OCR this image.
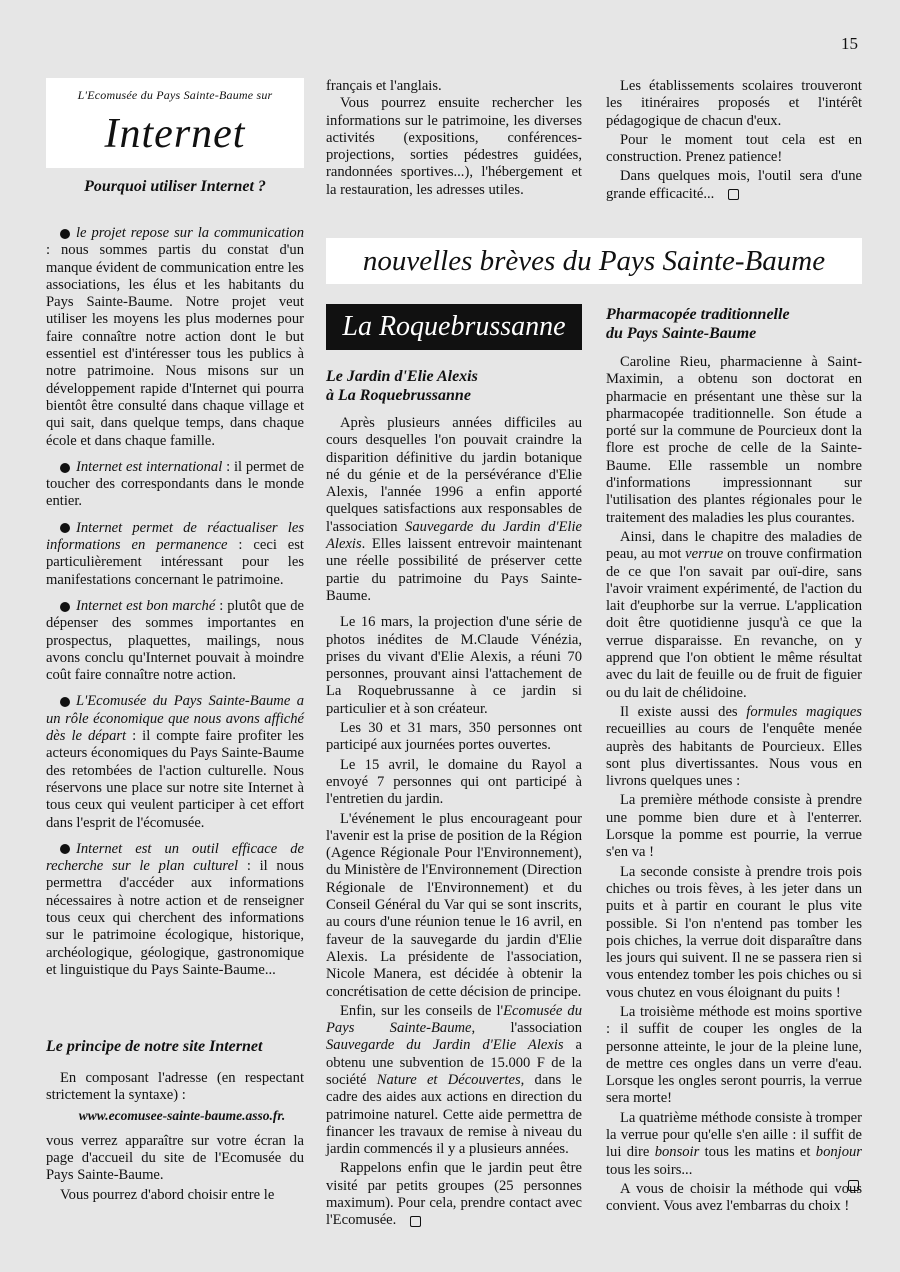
15
L'Ecomusée du Pays Sainte-Baume sur
Internet
Pourquoi utiliser Internet ?

le projet repose sur la communication : nous sommes partis du constat d'un manque évident de communication entre les associations, les élus et les habitants du Pays Sainte-Baume. Notre projet veut utiliser les moyens les plus modernes pour faire connaître notre action dont le but essentiel est d'intéresser tous les publics à notre patrimoine. Nous misons sur un développement rapide d'Internet qui pourra bientôt être consulté dans chaque village et qui sait, dans quelque temps, dans chaque école et dans chaque famille.

Internet est international : il permet de toucher des correspondants dans le monde entier.

Internet permet de réactualiser les informations en permanence : ceci est particulièrement intéressant pour les manifestations concernant le patrimoine.

Internet est bon marché : plutôt que de dépenser des sommes importantes en prospectus, plaquettes, mailings, nous avons conclu qu'Internet pouvait à moindre coût faire connaître notre action.

L'Ecomusée du Pays Sainte-Baume a un rôle économique que nous avons affiché dès le départ : il compte faire profiter les acteurs économiques du Pays Sainte-Baume des retombées de l'action culturelle. Nous réservons une place sur notre site Internet à tous ceux qui veulent participer à cet effort dans l'esprit de l'écomusée.

Internet est un outil efficace de recherche sur le plan culturel : il nous permettra d'accéder aux informations nécessaires à notre action et de renseigner tous ceux qui cherchent des informations sur le patrimoine écologique, historique, archéologique, géologique, gastronomique et linguistique du Pays Sainte-Baume...

Le principe de notre site Internet

En composant l'adresse (en respectant strictement la syntaxe) :

www.ecomusee-sainte-baume.asso.fr.

vous verrez apparaître sur votre écran la page d'accueil du site de l'Ecomusée du Pays Sainte-Baume.

Vous pourrez d'abord choisir entre le

français et l'anglais.

Vous pourrez ensuite rechercher les informations sur le patrimoine, les diverses activités (expositions, conférences-projections, sorties pédestres guidées, randonnées sportives...), l'hébergement et la restauration, les adresses utiles.

Les établissements scolaires trouveront les itinéraires proposés et l'intérêt pédagogique de chacun d'eux.

Pour le moment tout cela est en construction. Prenez patience!

Dans quelques mois, l'outil sera d'une grande efficacité...

nouvelles brèves du Pays Sainte-Baume
La Roquebrussanne

Le Jardin d'Elie Alexis

à La Roquebrussanne

Après plusieurs années difficiles au cours desquelles l'on pouvait craindre la disparition définitive du jardin botanique né du génie et de la persévérance d'Elie Alexis, l'année 1996 a enfin apporté quelques satisfactions aux responsables de l'association Sauvegarde du Jardin d'Elie Alexis. Elles laissent entrevoir maintenant une réelle possibilité de préserver cette partie du patrimoine du Pays Sainte-Baume.

Le 16 mars, la projection d'une série de photos inédites de M.Claude Vénézia, prises du vivant d'Elie Alexis, a réuni 70 personnes, prouvant ainsi l'attachement de La Roquebrussanne à ce jardin si particulier et à son créateur.

Les 30 et 31 mars, 350 personnes ont participé aux journées portes ouvertes.

Le 15 avril, le domaine du Rayol a envoyé 7 personnes qui ont participé à l'entretien du jardin.

L'événement le plus encourageant pour l'avenir est la prise de position de la Région (Agence Régionale Pour l'Environnement), du Ministère de l'Environnement (Direction Régionale de l'Environnement) et du Conseil Général du Var qui se sont inscrits, au cours d'une réunion tenue le 16 avril, en faveur de la sauvegarde du jardin d'Elie Alexis. La présidente de l'association, Nicole Manera, est décidée à obtenir la concrétisation de cette décision de principe.

Enfin, sur les conseils de l'Ecomusée du Pays Sainte-Baume, l'association Sauvegarde du Jardin d'Elie Alexis a obtenu une subvention de 15.000 F de la société Nature et Découvertes, dans le cadre des aides aux actions en direction du patrimoine naturel. Cette aide permettra de financer les travaux de remise à niveau du jardin commencés il y a plusieurs années.

Rappelons enfin que le jardin peut être visité par petits groupes (25 personnes maximum). Pour cela, prendre contact avec l'Ecomusée.

Pharmacopée traditionnelle

du Pays Sainte-Baume

Caroline Rieu, pharmacienne à Saint-Maximin, a obtenu son doctorat en pharmacie en présentant une thèse sur la pharmacopée traditionnelle. Son étude a porté sur la commune de Pourcieux dont la flore est proche de celle de la Sainte-Baume. Elle rassemble un nombre d'informations impressionnant sur l'utilisation des plantes régionales pour le traitement des maladies les plus courantes.

Ainsi, dans le chapitre des maladies de peau, au mot verrue on trouve confirmation de ce que l'on savait par ouï-dire, sans l'avoir vraiment expérimenté, de l'action du lait d'euphorbe sur la verrue. L'application doit être quotidienne jusqu'à ce que la verrue disparaisse. En revanche, on y apprend que l'on obtient le même résultat avec du lait de feuille ou de fruit de figuier ou du lait de chélidoine.

Il existe aussi des formules magiques recueillies au cours de l'enquête menée auprès des habitants de Pourcieux. Elles sont plus divertissantes. Nous vous en livrons quelques unes :

La première méthode consiste à prendre une pomme bien dure et à l'enterrer. Lorsque la pomme est pourrie, la verrue s'en va !

La seconde consiste à prendre trois pois chiches ou trois fèves, à les jeter dans un puits et à partir en courant le plus vite possible. Si l'on n'entend pas tomber les pois chiches, la verrue doit disparaître dans les jours qui suivent. Il ne se passera rien si vous entendez tomber les pois chiches ou si vous chutez en vous éloignant du puits !

La troisième méthode est moins sportive : il suffit de couper les ongles de la personne atteinte, le jour de la pleine lune, de mettre ces ongles dans un verre d'eau. Lorsque les ongles seront pourris, la verrue sera morte!

La quatrième méthode consiste à tromper la verrue pour qu'elle s'en aille : il suffit de lui dire bonsoir tous les matins et bonjour tous les soirs...

A vous de choisir la méthode qui vous convient. Vous avez l'embarras du choix !
